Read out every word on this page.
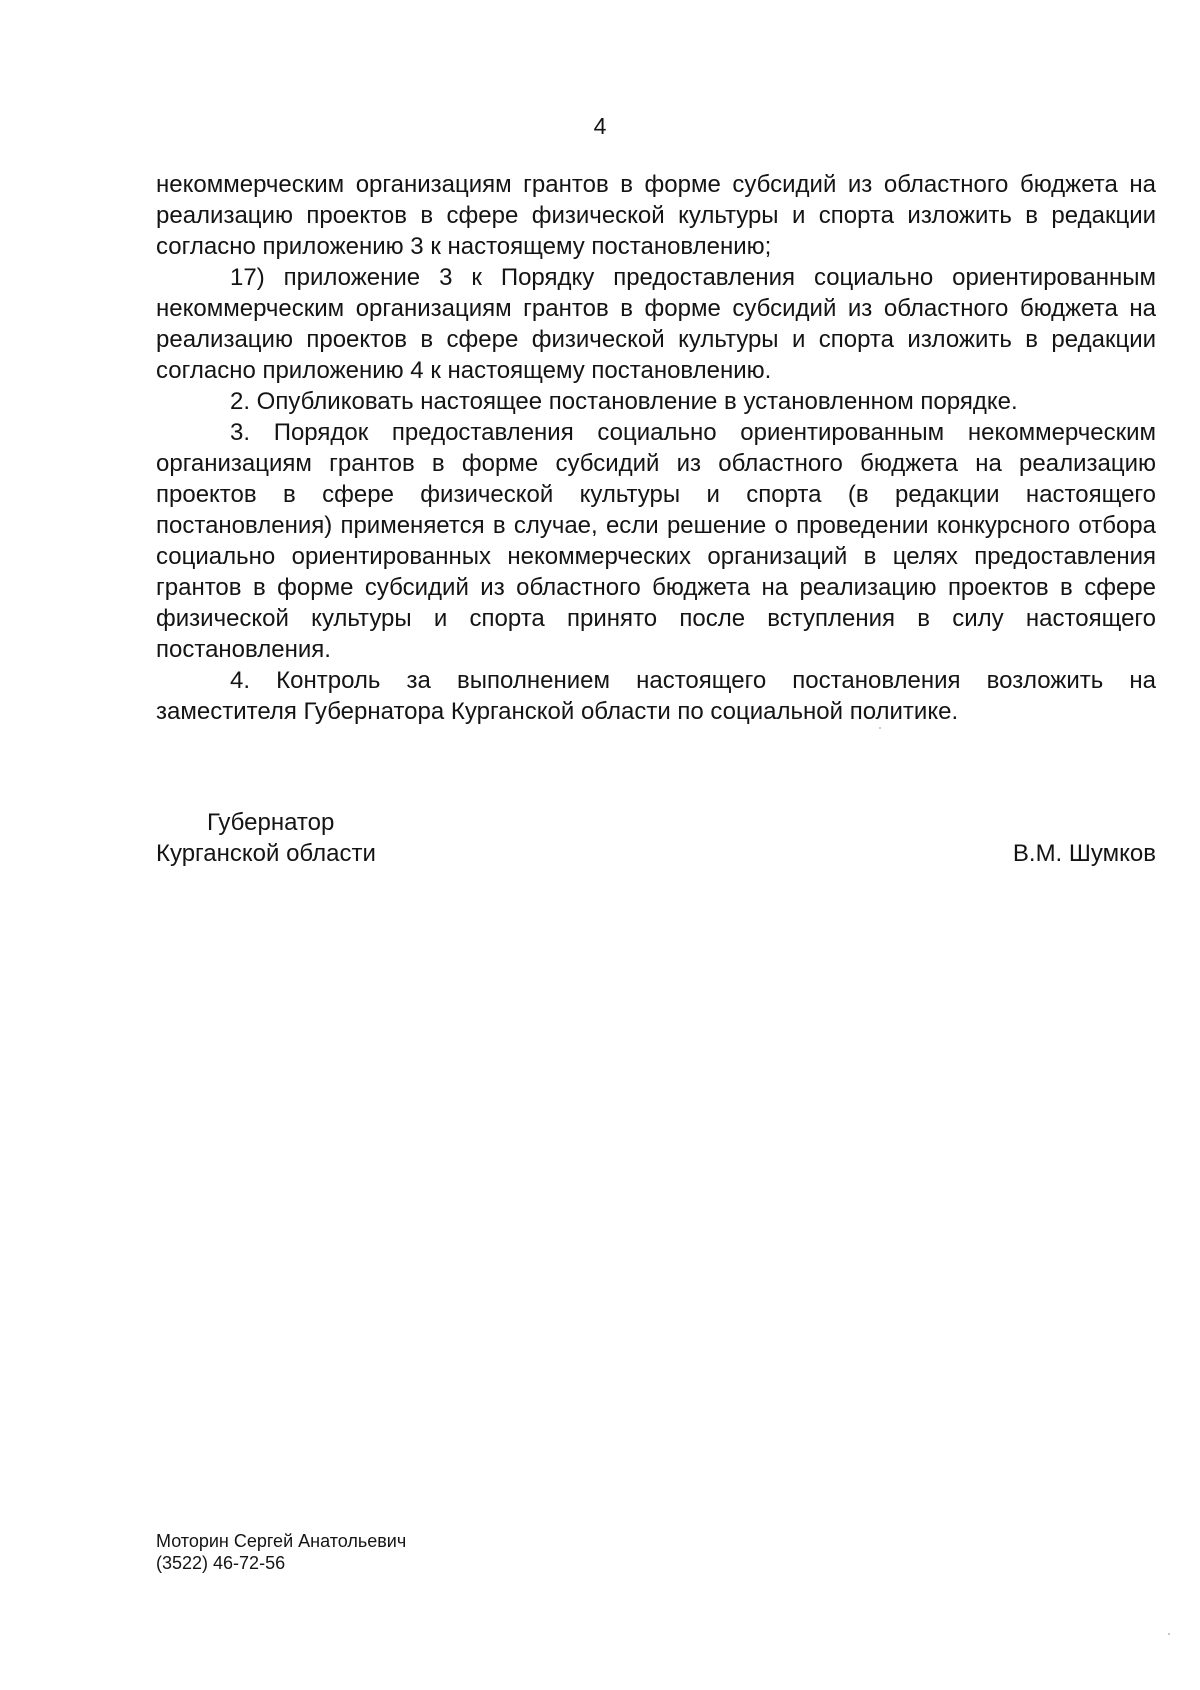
4

некоммерческим организациям грантов в форме субсидий из областного бюджета на реализацию проектов в сфере физической культуры и спорта изложить в редакции согласно приложению 3 к настоящему постановлению;

17) приложение 3 к Порядку предоставления социально ориентированным некоммерческим организациям грантов в форме субсидий из областного бюджета на реализацию проектов в сфере физической культуры и спорта изложить в редакции согласно приложению 4 к настоящему постановлению.

2. Опубликовать настоящее постановление в установленном порядке.

3. Порядок предоставления социально ориентированным некоммерческим организациям грантов в форме субсидий из областного бюджета на реализацию проектов в сфере физической культуры и спорта (в редакции настоящего постановления) применяется в случае, если решение о проведении конкурсного отбора социально ориентированных некоммерческих организаций в целях предоставления грантов в форме субсидий из областного бюджета на реализацию проектов в сфере физической культуры и спорта принято после вступления в силу настоящего постановления.

4. Контроль за выполнением настоящего постановления возложить на заместителя Губернатора Курганской области по социальной политике.

Губернатор
Курганской области	В.М. Шумков
Моторин Сергей Анатольевич
(3522) 46-72-56
